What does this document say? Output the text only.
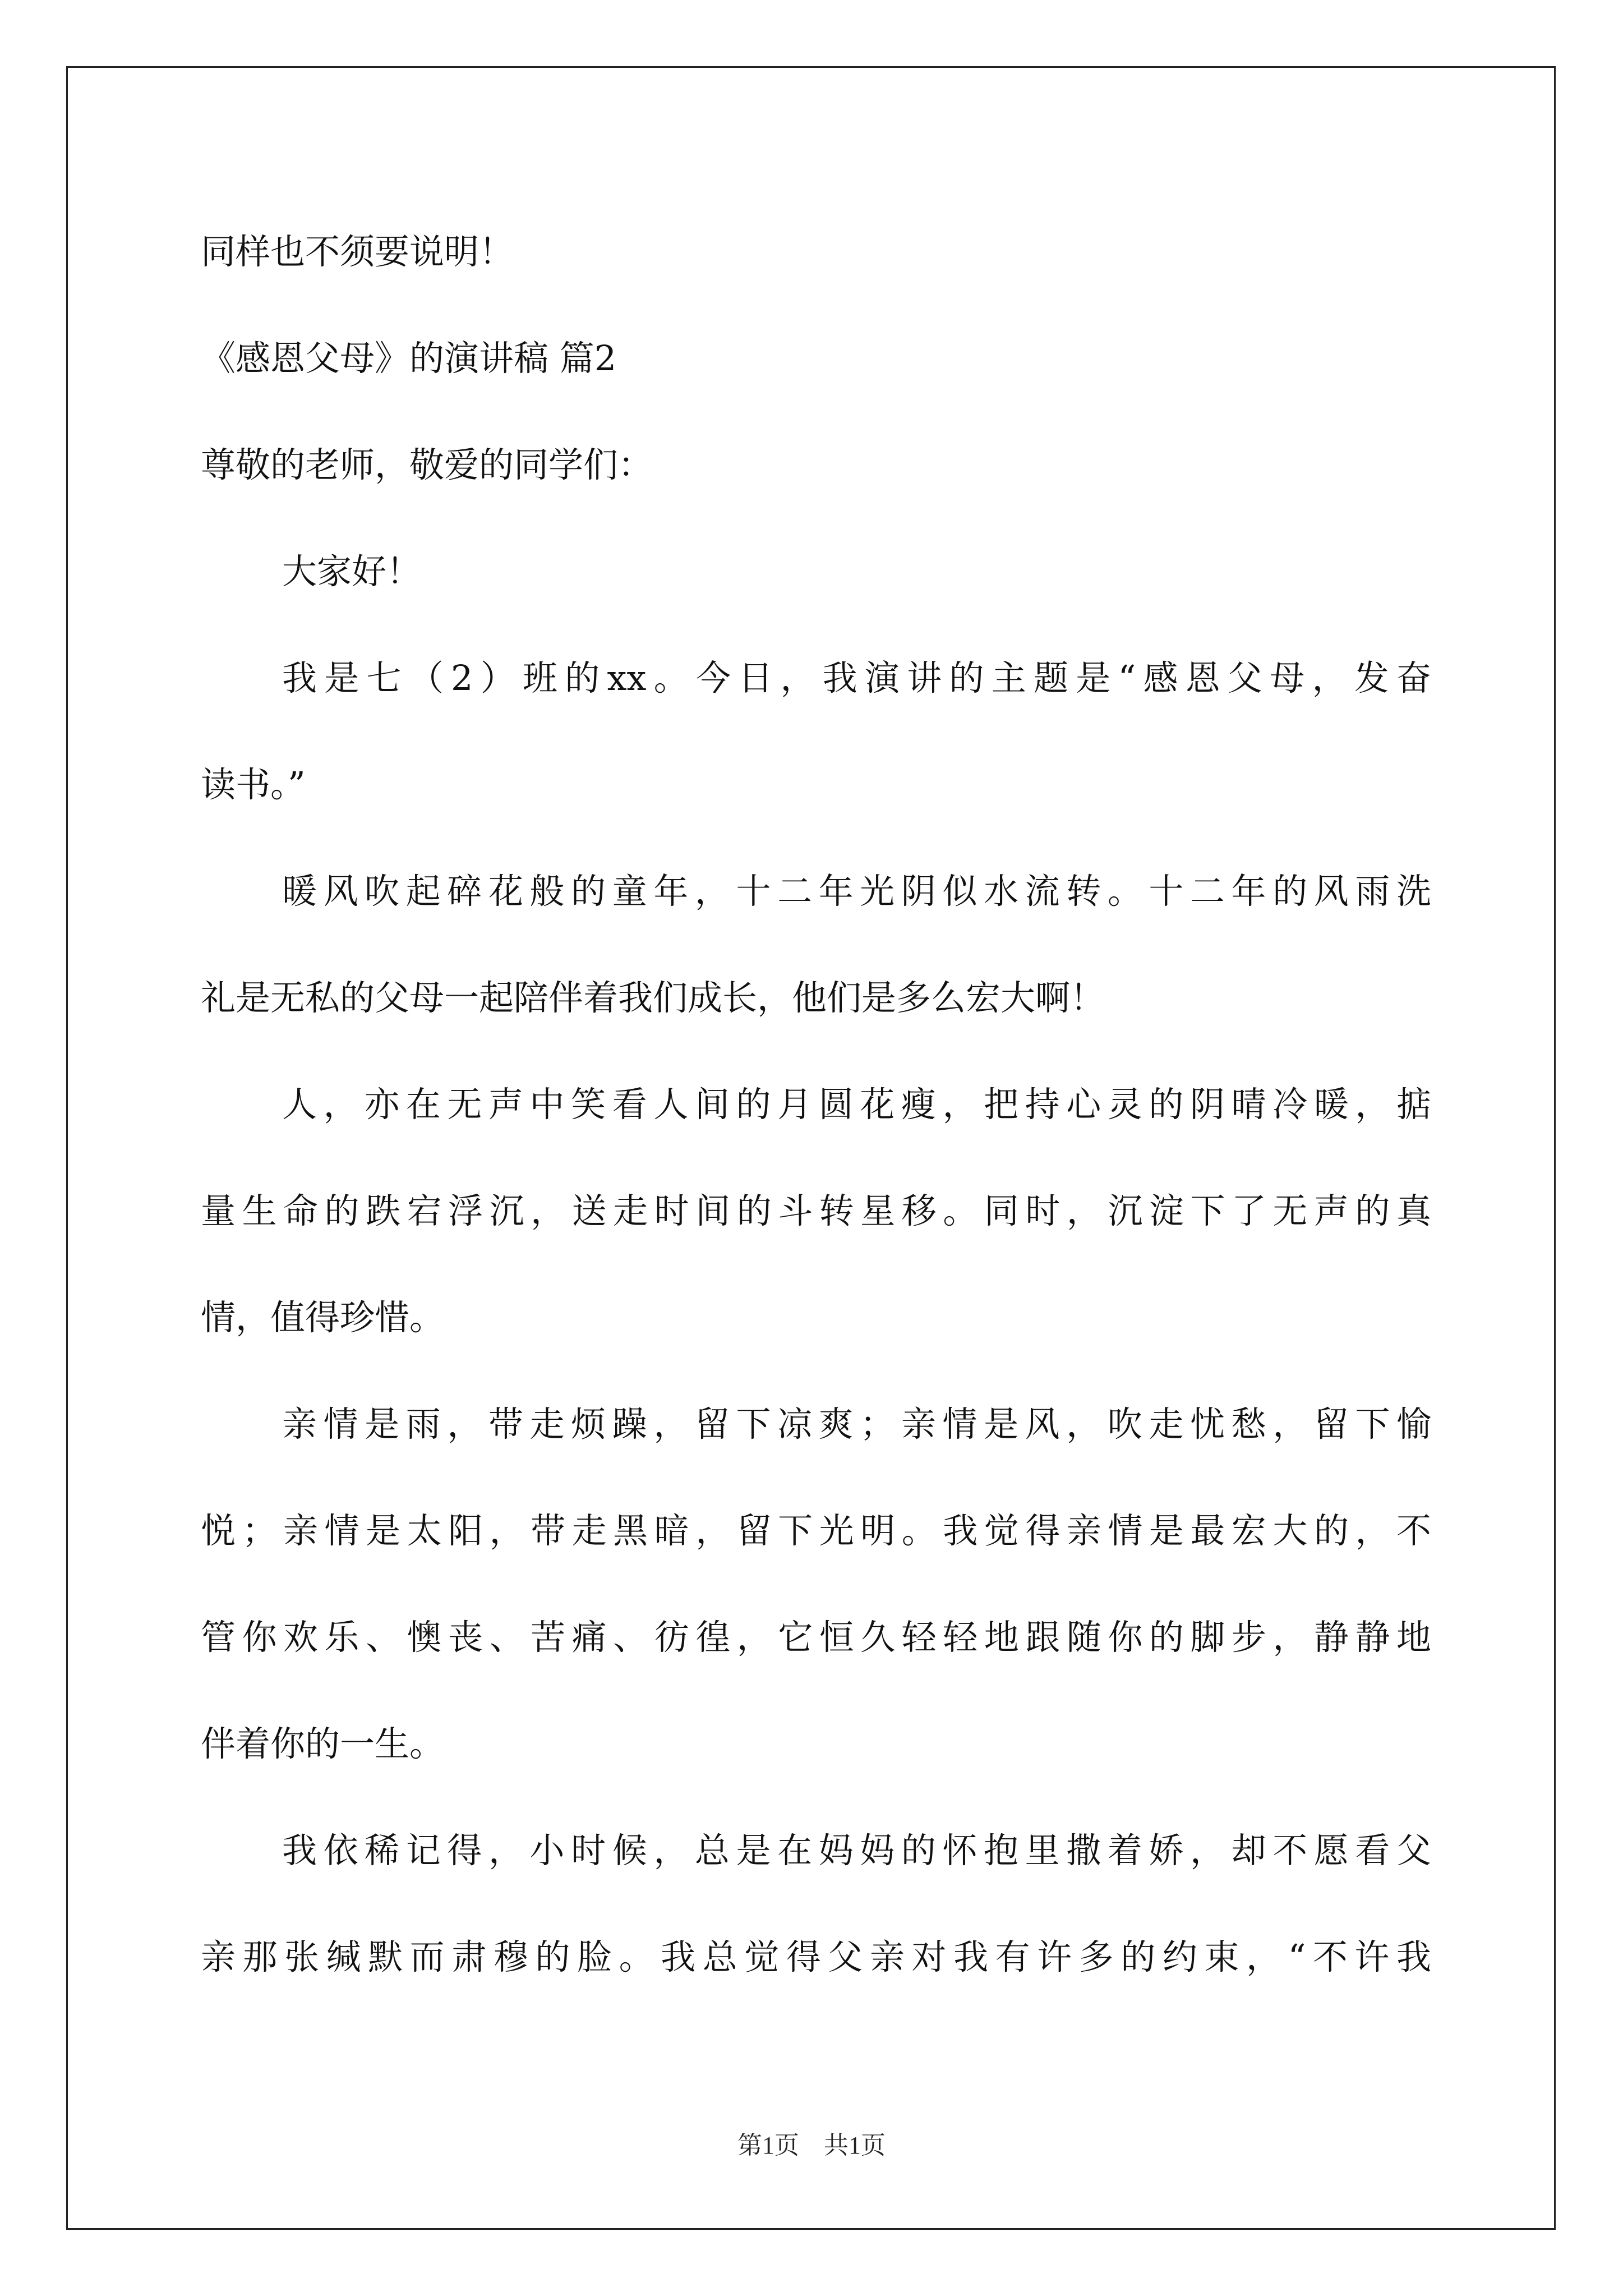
同样也不须要说明！
《感恩父母》的演讲稿 篇2
尊敬的老师，敬爱的同学们：
大家好！
我是七（2）班的xx。今日，我演讲的主题是“感恩父母，发奋
读书。”
暖风吹起碎花般的童年，十二年光阴似水流转。十二年的风雨洗
礼是无私的父母一起陪伴着我们成长，他们是多么宏大啊！
人，亦在无声中笑看人间的月圆花瘦，把持心灵的阴晴冷暖，掂
量生命的跌宕浮沉，送走时间的斗转星移。同时，沉淀下了无声的真
情，值得珍惜。
亲情是雨，带走烦躁，留下凉爽；亲情是风，吹走忧愁，留下愉
悦；亲情是太阳，带走黑暗，留下光明。我觉得亲情是最宏大的，不
管你欢乐、懊丧、苦痛、彷徨，它恒久轻轻地跟随你的脚步，静静地
伴着你的一生。
我依稀记得，小时候，总是在妈妈的怀抱里撒着娇，却不愿看父
亲那张缄默而肃穆的脸。我总觉得父亲对我有许多的约束，“不许我
第1页　共1页
